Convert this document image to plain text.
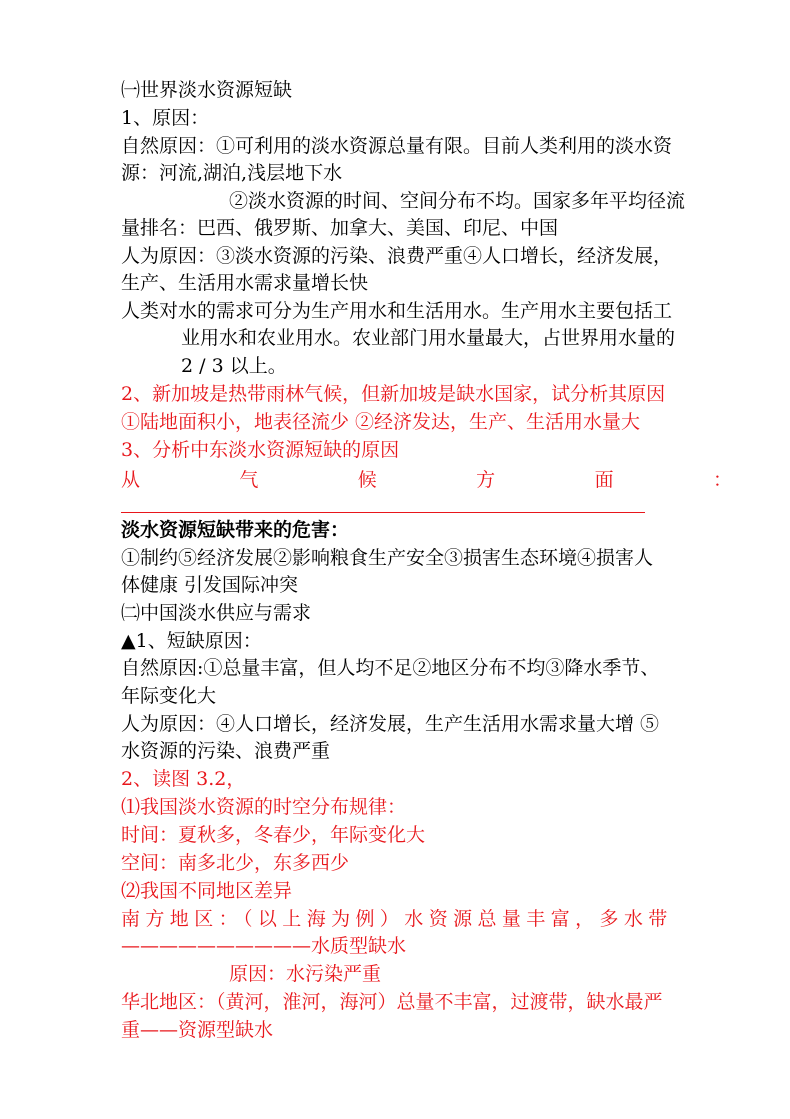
㈠世界淡水资源短缺
1、原因：
自然原因：①可利用的淡水资源总量有限。目前人类利用的淡水资
源：河流,湖泊,浅层地下水
②淡水资源的时间、空间分布不均。国家多年平均径流
量排名：巴西、俄罗斯、加拿大、美国、印尼、中国
人为原因：③淡水资源的污染、浪费严重④人口增长，经济发展，
生产、生活用水需求量增长快
人类对水的需求可分为生产用水和生活用水。生产用水主要包括工
业用水和农业用水。农业部门用水量最大，占世界用水量的
2 / 3 以上。
2、新加坡是热带雨林气候，但新加坡是缺水国家，试分析其原因
①陆地面积小，地表径流少 ②经济发达，生产、生活用水量大
3、分析中东淡水资源短缺的原因
从	气	候	方	面	：
淡水资源短缺带来的危害：
①制约⑤经济发展②影响粮食生产安全③损害生态环境④损害人
体健康 引发国际冲突
㈡中国淡水供应与需求
▲1、短缺原因：
自然原因:①总量丰富，但人均不足②地区分布不均③降水季节、
年际变化大
人为原因：④人口增长，经济发展，生产生活用水需求量大增 ⑤
水资源的污染、浪费严重
2、读图 3.2，
⑴我国淡水资源的时空分布规律：
时间：夏秋多，冬春少，年际变化大
空间：南多北少，东多西少
⑵我国不同地区差异
南方地区：（以上海为例）水资源总量丰富，多水带
——————————水质型缺水
原因：水污染严重
华北地区：（黄河，淮河，海河）总量不丰富，过渡带，缺水最严
重——资源型缺水
